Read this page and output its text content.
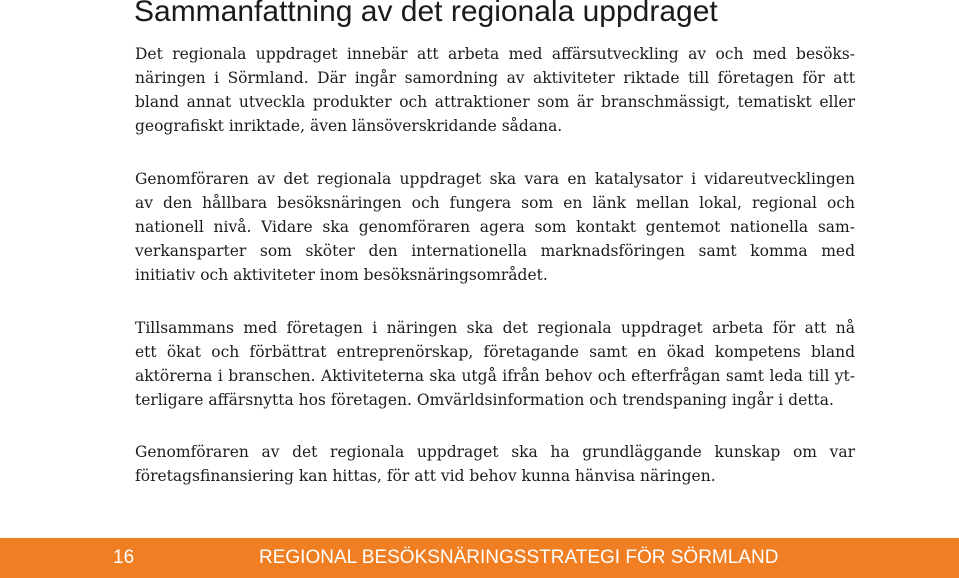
Sammanfattning av det regionala uppdraget
Det regionala uppdraget innebär att arbeta med affärsutveckling av och med besöks-
näringen i Sörmland. Där ingår samordning av aktiviteter riktade till företagen för att
bland annat utveckla produkter och attraktioner som är branschmässigt, tematiskt eller
geografiskt inriktade, även länsöverskridande sådana.
Genomföraren av det regionala uppdraget ska vara en katalysator i vidareutvecklingen
av den hållbara besöksnäringen och fungera som en länk mellan lokal, regional och
nationell nivå. Vidare ska genomföraren agera som kontakt gentemot nationella sam-
verkansparter som sköter den internationella marknadsföringen samt komma med
initiativ och aktiviteter inom besöksnäringsområdet.
Tillsammans med företagen i näringen ska det regionala uppdraget arbeta för att nå
ett ökat och förbättrat entreprenörskap, företagande samt en ökad kompetens bland
aktörerna i branschen. Aktiviteterna ska utgå ifrån behov och efterfrågan samt leda till yt-
terligare affärsnytta hos företagen. Omvärldsinformation och trendspaning ingår i detta.
Genomföraren av det regionala uppdraget ska ha grundläggande kunskap om var
företagsfinansiering kan hittas, för att vid behov kunna hänvisa näringen.
16	REGIONAL BESÖKSNÄRINGSSTRATEGI FÖR SÖRMLAND
